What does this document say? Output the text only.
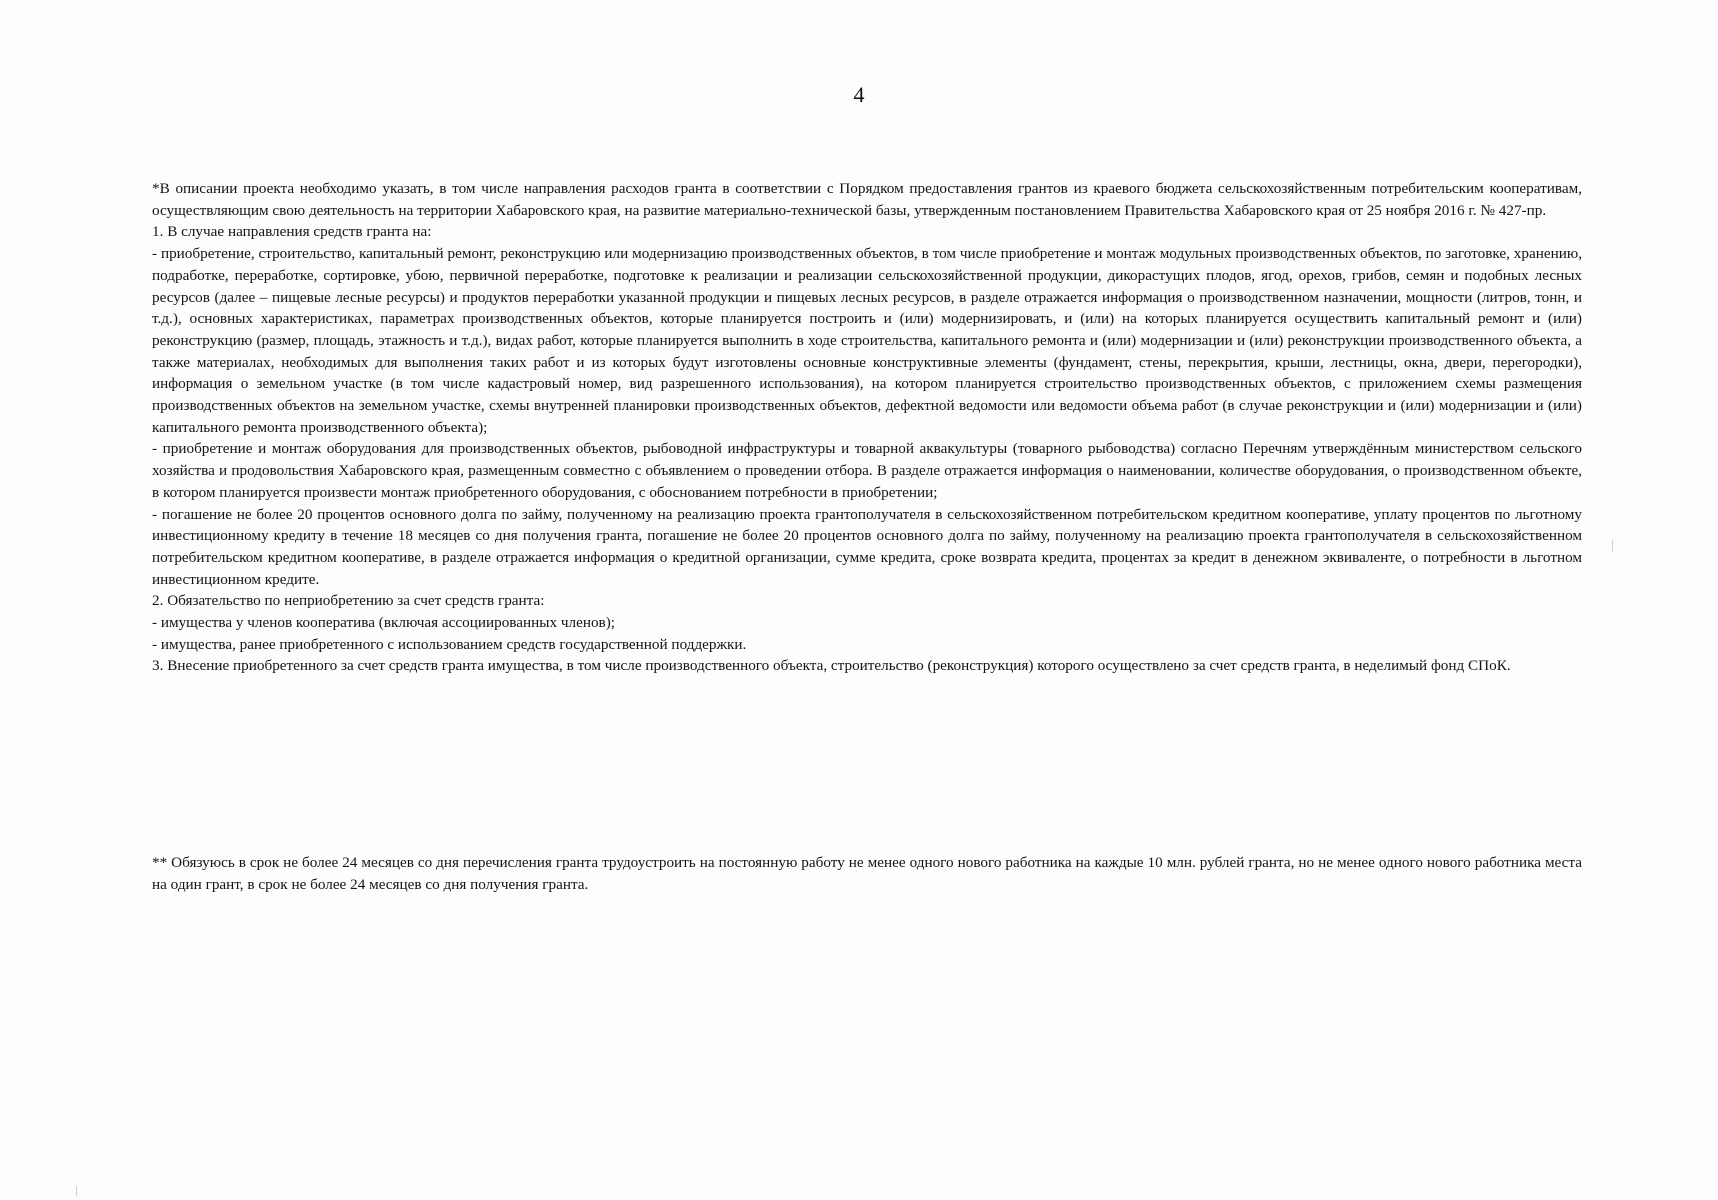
4

*В описании проекта необходимо указать, в том числе направления расходов гранта в соответствии с Порядком предоставления грантов из краевого бюджета сельскохозяйственным потребительским кооперативам, осуществляющим свою деятельность на территории Хабаровского края, на развитие материально-технической базы, утвержденным постановлением Правительства Хабаровского края от 25 ноября 2016 г. № 427-пр.

1. В случае направления средств гранта на:

- приобретение, строительство, капитальный ремонт, реконструкцию или модернизацию производственных объектов, в том числе приобретение и монтаж модульных производственных объектов, по заготовке, хранению, подработке, переработке, сортировке, убою, первичной переработке, подготовке к реализации и реализации сельскохозяйственной продукции, дикорастущих плодов, ягод, орехов, грибов, семян и подобных лесных ресурсов (далее – пищевые лесные ресурсы) и продуктов переработки указанной продукции и пищевых лесных ресурсов, в разделе отражается информация о производственном назначении, мощности (литров, тонн, и т.д.), основных характеристиках, параметрах производственных объектов, которые планируется построить и (или) модернизировать, и (или) на которых планируется осуществить капитальный ремонт и (или) реконструкцию (размер, площадь, этажность и т.д.), видах работ, которые планируется выполнить в ходе строительства, капитального ремонта и (или) модернизации и (или) реконструкции производственного объекта, а также материалах, необходимых для выполнения таких работ и из которых будут изготовлены основные конструктивные элементы (фундамент, стены, перекрытия, крыши, лестницы, окна, двери, перегородки), информация о земельном участке (в том числе кадастровый номер, вид разрешенного использования), на котором планируется строительство производственных объектов, с приложением схемы размещения производственных объектов на земельном участке, схемы внутренней планировки производственных объектов, дефектной ведомости или ведомости объема работ (в случае реконструкции и (или) модернизации и (или) капитального ремонта производственного объекта);

- приобретение и монтаж оборудования для производственных объектов, рыбоводной инфраструктуры и товарной аквакультуры (товарного рыбоводства) согласно Перечням утверждённым министерством сельского хозяйства и продовольствия Хабаровского края, размещенным совместно с объявлением о проведении отбора. В разделе отражается информация о наименовании, количестве оборудования, о производственном объекте, в котором планируется произвести монтаж приобретенного оборудования, с обоснованием потребности в приобретении;

- погашение не более 20 процентов основного долга по займу, полученному на реализацию проекта грантополучателя в сельскохозяйственном потребительском кредитном кооперативе, уплату процентов по льготному инвестиционному кредиту в течение 18 месяцев со дня получения гранта, погашение не более 20 процентов основного долга по займу, полученному на реализацию проекта грантополучателя в сельскохозяйственном потребительском кредитном кооперативе, в разделе отражается информация о кредитной организации, сумме кредита, сроке возврата кредита, процентах за кредит в денежном эквиваленте, о потребности в льготном инвестиционном кредите.

2. Обязательство по неприобретению за счет средств гранта:

- имущества у членов кооператива (включая ассоциированных членов);

- имущества, ранее приобретенного с использованием средств государственной поддержки.

3. Внесение приобретенного за счет средств гранта имущества, в том числе производственного объекта, строительство (реконструкция) которого осуществлено за счет средств гранта, в неделимый фонд СПоК.

** Обязуюсь в срок не более 24 месяцев со дня перечисления гранта трудоустроить на постоянную работу не менее одного нового работника на каждые 10 млн. рублей гранта, но не менее одного нового работника места на один грант, в срок не более 24 месяцев со дня получения гранта.
